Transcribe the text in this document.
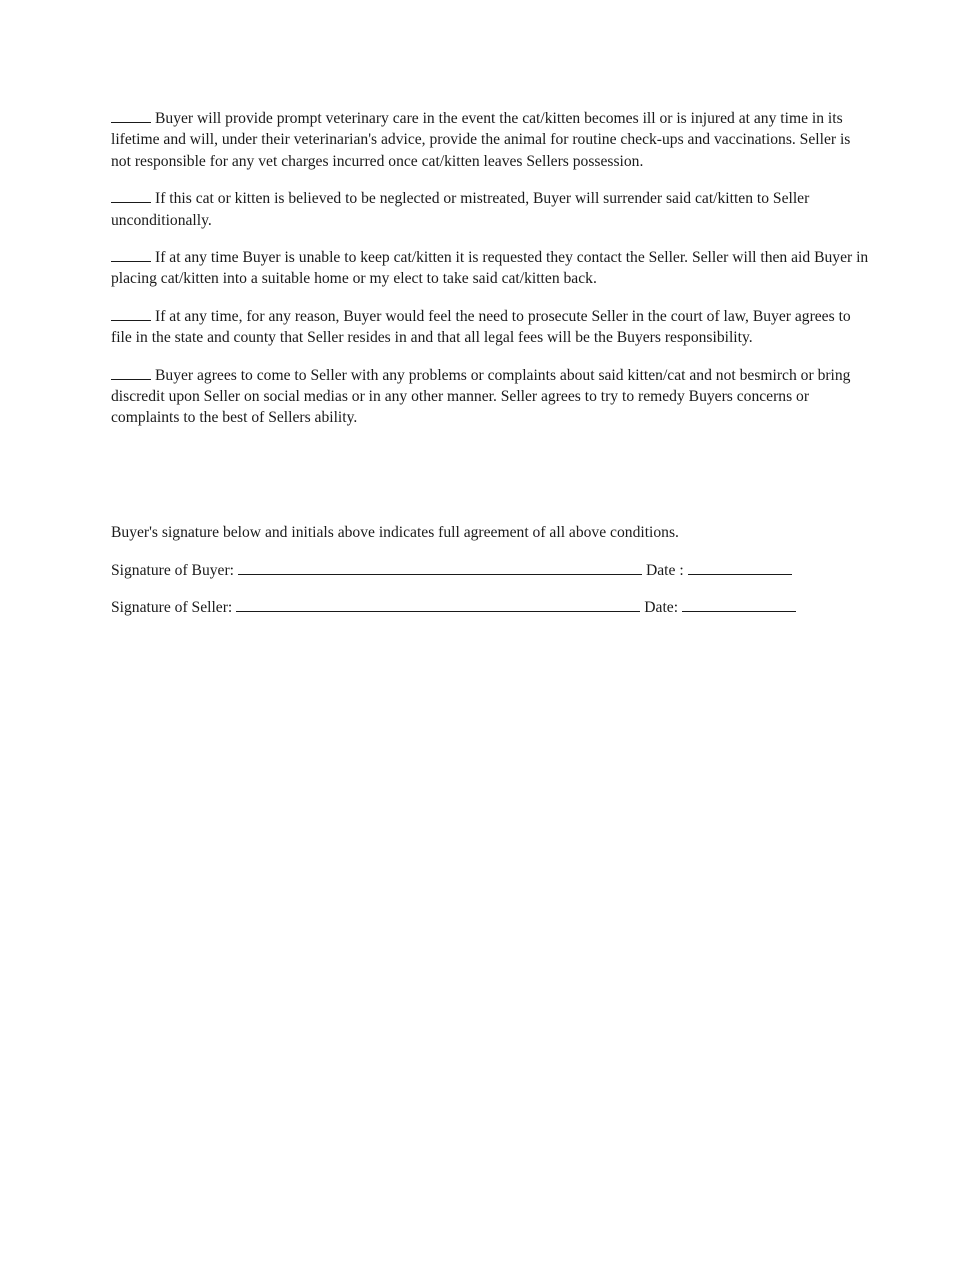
Buyer will provide prompt veterinary care in the event the cat/kitten becomes ill or is injured at any time in its lifetime and will, under their veterinarian's advice, provide the animal for routine check-ups and vaccinations. Seller is not responsible for any vet charges incurred once cat/kitten leaves Sellers possession.

If this cat or kitten is believed to be neglected or mistreated, Buyer will surrender said cat/kitten to Seller unconditionally.

If at any time Buyer is unable to keep cat/kitten it is requested they contact the Seller. Seller will then aid Buyer in placing cat/kitten into a suitable home or my elect to take said cat/kitten back.

If at any time, for any reason, Buyer would feel the need to prosecute Seller in the court of law, Buyer agrees to file in the state and county that Seller resides in and that all legal fees will be the Buyers responsibility.

Buyer agrees to come to Seller with any problems or complaints about said kitten/cat and not besmirch or bring discredit upon Seller on social medias or in any other manner. Seller agrees to try to remedy Buyers concerns or complaints to the best of Sellers ability.

Buyer's signature below and initials above indicates full agreement of all above conditions.
Signature of Buyer:	Date :
Signature of Seller:	Date:
